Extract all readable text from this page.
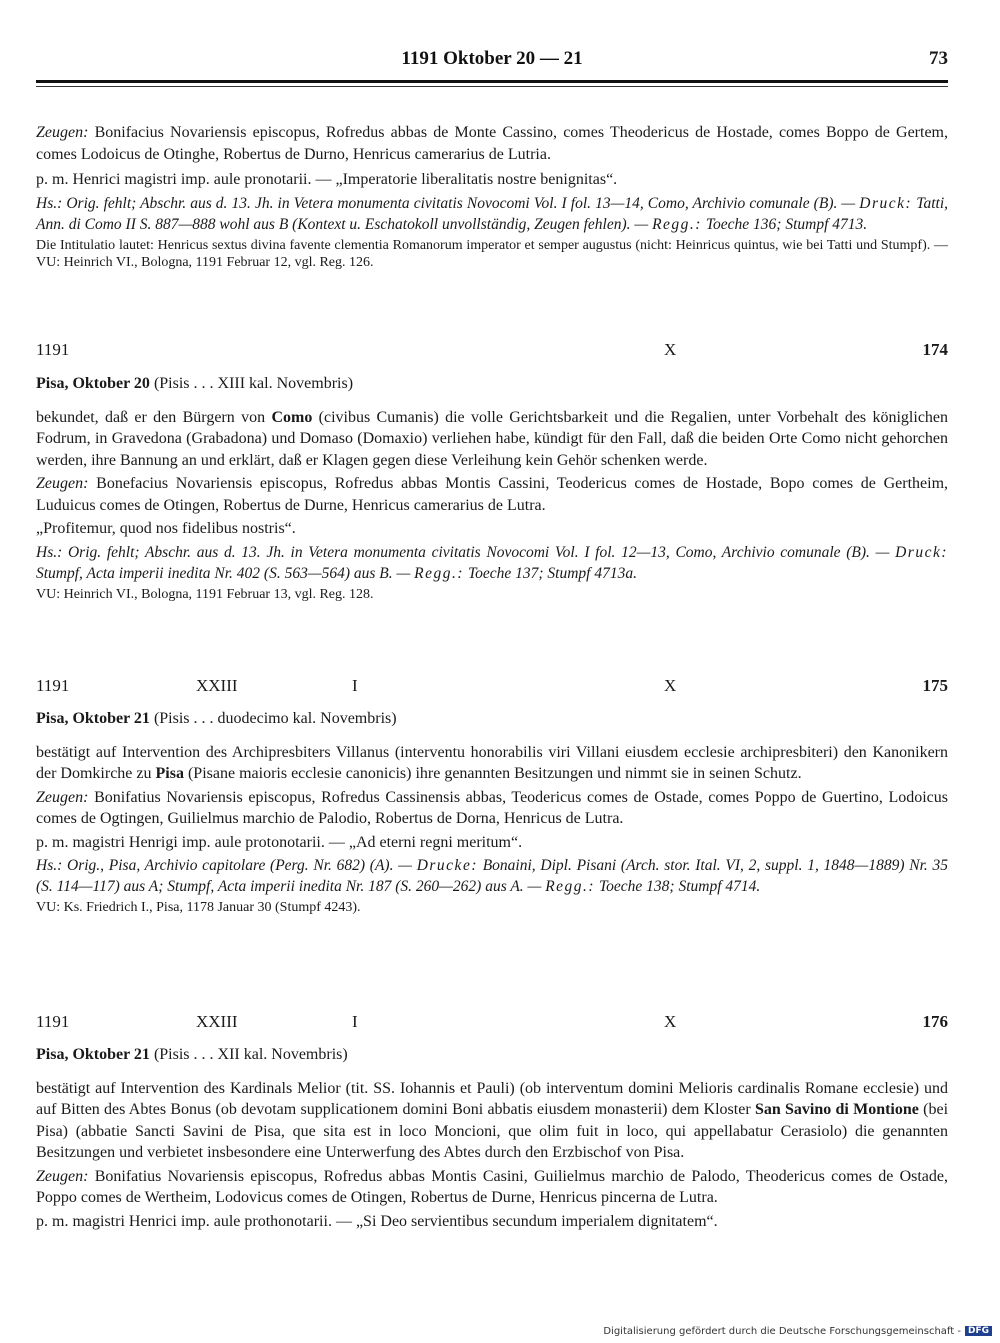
1191 Oktober 20 — 21	73

Zeugen: Bonifacius Novariensis episcopus, Rofredus abbas de Monte Cassino, comes Theodericus de Hostade, comes Boppo de Gertem, comes Lodoicus de Otinghe, Robertus de Durno, Henricus camerarius de Lutria.

p. m. Henrici magistri imp. aule pronotarii. — „Imperatorie liberalitatis nostre benignitas“.

Hs.: Orig. fehlt; Abschr. aus d. 13. Jh. in Vetera monumenta civitatis Novocomi Vol. I fol. 13—14, Como, Archivio comunale (B). — Druck: Tatti, Ann. di Como II S. 887—888 wohl aus B (Kontext u. Eschatokoll unvollständig, Zeugen fehlen). — Regg.: Toeche 136; Stumpf 4713.

Die Intitulatio lautet: Henricus sextus divina favente clementia Romanorum imperator et semper augustus (nicht: Heinricus quintus, wie bei Tatti und Stumpf). — VU: Heinrich VI., Bologna, 1191 Februar 12, vgl. Reg. 126.

1191	X	174

Pisa, Oktober 20 (Pisis . . . XIII kal. Novembris)

bekundet, daß er den Bürgern von Como (civibus Cumanis) die volle Gerichtsbarkeit und die Regalien, unter Vorbehalt des königlichen Fodrum, in Gravedona (Grabadona) und Domaso (Domaxio) verliehen habe, kündigt für den Fall, daß die beiden Orte Como nicht gehorchen werden, ihre Bannung an und erklärt, daß er Klagen gegen diese Verleihung kein Gehör schenken werde.

Zeugen: Bonefacius Novariensis episcopus, Rofredus abbas Montis Cassini, Teodericus comes de Hostade, Bopo comes de Gertheim, Luduicus comes de Otingen, Robertus de Durne, Henricus camerarius de Lutra.

„Profitemur, quod nos fidelibus nostris“.

Hs.: Orig. fehlt; Abschr. aus d. 13. Jh. in Vetera monumenta civitatis Novocomi Vol. I fol. 12—13, Como, Archivio comunale (B). — Druck: Stumpf, Acta imperii inedita Nr. 402 (S. 563—564) aus B. — Regg.: Toeche 137; Stumpf 4713a.

VU: Heinrich VI., Bologna, 1191 Februar 13, vgl. Reg. 128.

1191	XXIII	I	X	175

Pisa, Oktober 21 (Pisis . . . duodecimo kal. Novembris)

bestätigt auf Intervention des Archipresbiters Villanus (interventu honorabilis viri Villani eiusdem ecclesie archipresbiteri) den Kanonikern der Domkirche zu Pisa (Pisane maioris ecclesie canonicis) ihre genannten Besitzungen und nimmt sie in seinen Schutz.

Zeugen: Bonifatius Novariensis episcopus, Rofredus Cassinensis abbas, Teodericus comes de Ostade, comes Poppo de Guertino, Lodoicus comes de Ogtingen, Guilielmus marchio de Palodio, Robertus de Dorna, Henricus de Lutra.

p. m. magistri Henrigi imp. aule protonotarii. — „Ad eterni regni meritum“.

Hs.: Orig., Pisa, Archivio capitolare (Perg. Nr. 682) (A). — Drucke: Bonaini, Dipl. Pisani (Arch. stor. Ital. VI, 2, suppl. 1, 1848—1889) Nr. 35 (S. 114—117) aus A; Stumpf, Acta imperii inedita Nr. 187 (S. 260—262) aus A. — Regg.: Toeche 138; Stumpf 4714.

VU: Ks. Friedrich I., Pisa, 1178 Januar 30 (Stumpf 4243).

1191	XXIII	I	X	176

Pisa, Oktober 21 (Pisis . . . XII kal. Novembris)

bestätigt auf Intervention des Kardinals Melior (tit. SS. Iohannis et Pauli) (ob interventum domini Melioris cardinalis Romane ecclesie) und auf Bitten des Abtes Bonus (ob devotam supplicationem domini Boni abbatis eiusdem monasterii) dem Kloster San Savino di Montione (bei Pisa) (abbatie Sancti Savini de Pisa, que sita est in loco Moncioni, que olim fuit in loco, qui appellabatur Cerasiolo) die genannten Besitzungen und verbietet insbesondere eine Unterwerfung des Abtes durch den Erzbischof von Pisa.

Zeugen: Bonifatius Novariensis episcopus, Rofredus abbas Montis Casini, Guilielmus marchio de Palodo, Theodericus comes de Ostade, Poppo comes de Wertheim, Lodovicus comes de Otingen, Robertus de Durne, Henricus pincerna de Lutra.

p. m. magistri Henrici imp. aule prothonotarii. — „Si Deo servientibus secundum imperialem dignitatem“.

Digitalisierung gefördert durch die Deutsche Forschungsgemeinschaft - DFG
